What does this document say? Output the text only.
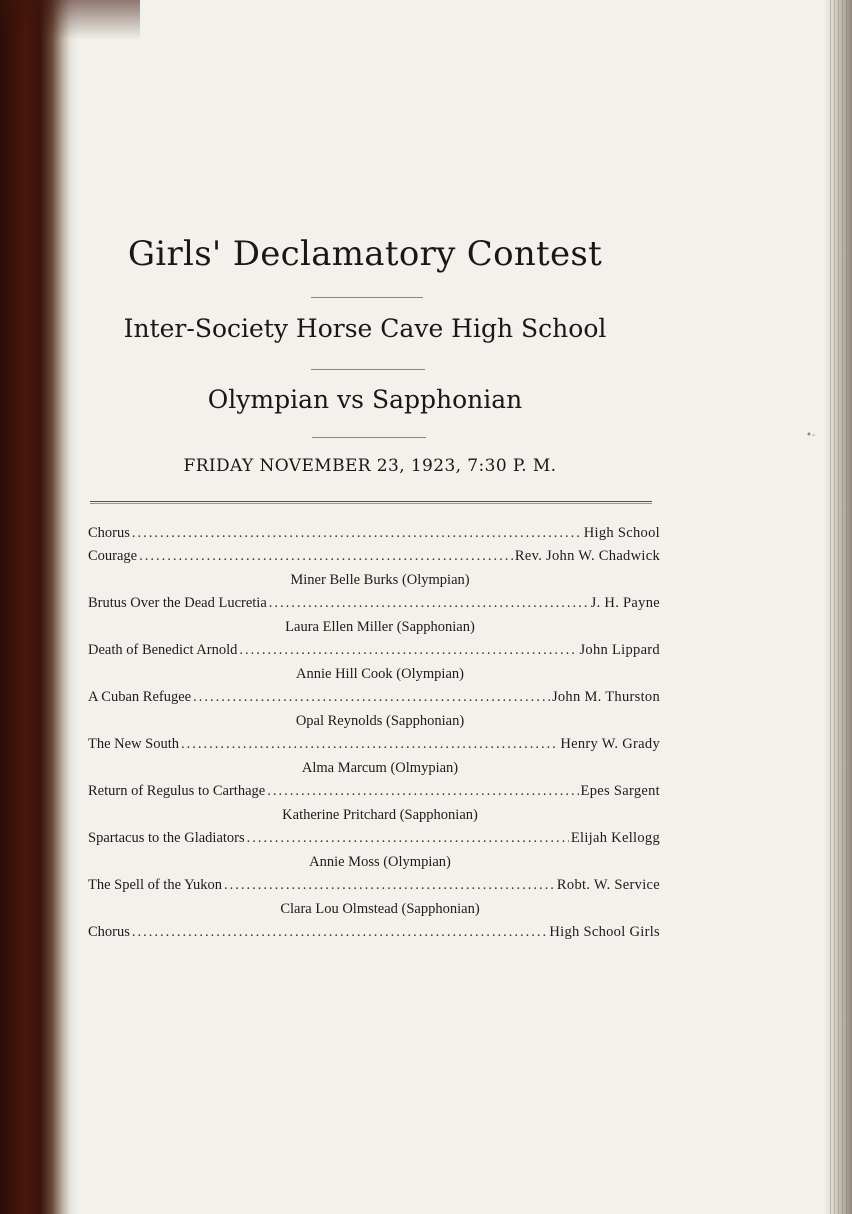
•-
Girls' Declamatory Contest
Inter-Society Horse Cave High School
Olympian vs Sapphonian
FRIDAY NOVEMBER 23, 1923, 7:30 P. M.
Chorus .....	High School
Courage .....	Rev. John W. Chadwick
Miner Belle Burks (Olympian)
Brutus Over the Dead Lucretia .....	J. H. Payne
Laura Ellen Miller (Sapphonian)
Death of Benedict Arnold .....	John Lippard
Annie Hill Cook (Olympian)
A Cuban Refugee .....	John M. Thurston
Opal Reynolds (Sapphonian)
The New South .....	Henry W. Grady
Alma Marcum (Olmypian)
Return of Regulus to Carthage .....	Epes Sargent
Katherine Pritchard (Sapphonian)
Spartacus to the Gladiators .....	Elijah Kellogg
Annie Moss (Olympian)
The Spell of the Yukon .....	Robt. W. Service
Clara Lou Olmstead (Sapphonian)
Chorus .....	High School Girls
